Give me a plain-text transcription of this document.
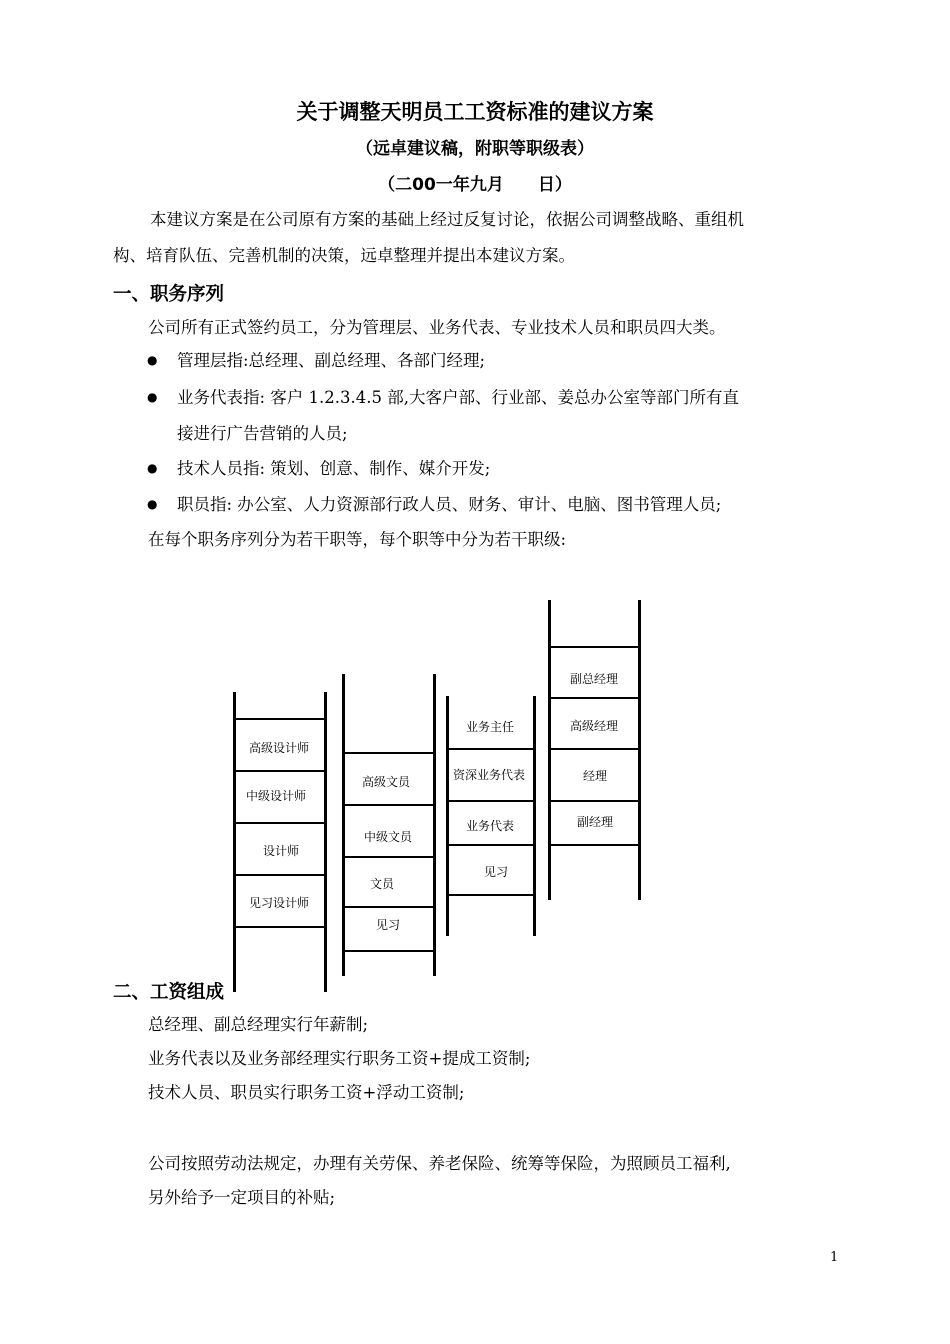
关于调整天明员工工资标准的建议方案
（远卓建议稿，附职等职级表）
（二00一年九月　　日）
本建议方案是在公司原有方案的基础上经过反复讨论，依据公司调整战略、重组机
构、培育队伍、完善机制的决策，远卓整理并提出本建议方案。
一、职务序列
公司所有正式签约员工，分为管理层、业务代表、专业技术人员和职员四大类。
● 管理层指:总经理、副总经理、各部门经理;
● 业务代表指: 客户 1.2.3.4.5 部,大客户部、行业部、姜总办公室等部门所有直
接进行广告营销的人员;
● 技术人员指: 策划、创意、制作、媒介开发;
● 职员指: 办公室、人力资源部行政人员、财务、审计、电脑、图书管理人员;
在每个职务序列分为若干职等，每个职等中分为若干职级:
高级设计师
中级设计师
设计师
见习设计师
高级文员
中级文员
文员
见习
业务主任
资深业务代表
业务代表
见习
副总经理
高级经理
经理
副经理
二、工资组成
总经理、副总经理实行年薪制;
业务代表以及业务部经理实行职务工资+提成工资制;
技术人员、职员实行职务工资+浮动工资制;
公司按照劳动法规定，办理有关劳保、养老保险、统筹等保险，为照顾员工福利,
另外给予一定项目的补贴;
1
